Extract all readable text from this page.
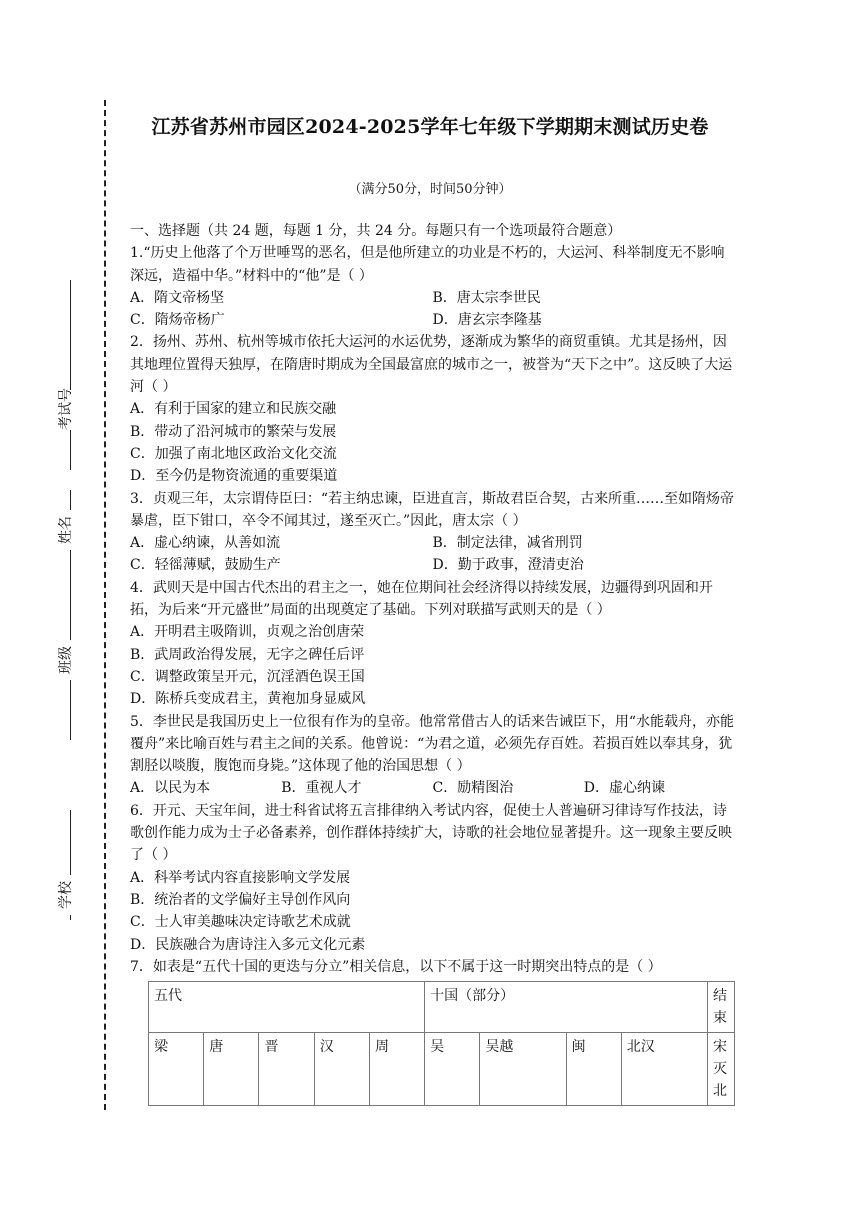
考试号
姓名
班级
学校
江苏省苏州市园区2024-2025学年七年级下学期期末测试历史卷
（满分50分，时间50分钟）
一、选择题（共 24 题，每题 1 分，共 24 分。每题只有一个选项最符合题意）
1.“历史上他落了个万世唾骂的恶名，但是他所建立的功业是不朽的，大运河、科举制度无不影响深远，造福中华。”材料中的“他”是（ ）
A．隋文帝杨坚	B．唐太宗李世民
C．隋炀帝杨广	D．唐玄宗李隆基
2．扬州、苏州、杭州等城市依托大运河的水运优势，逐渐成为繁华的商贸重镇。尤其是扬州，因其地理位置得天独厚，在隋唐时期成为全国最富庶的城市之一，被誉为“天下之中”。这反映了大运河（ ）
A．有利于国家的建立和民族交融
B．带动了沿河城市的繁荣与发展
C．加强了南北地区政治文化交流
D．至今仍是物资流通的重要渠道
3．贞观三年，太宗谓侍臣曰：“若主纳忠谏，臣进直言，斯故君臣合契，古来所重……至如隋炀帝暴虐，臣下钳口，卒令不闻其过，遂至灭亡。”因此，唐太宗（ ）
A．虚心纳谏，从善如流	B．制定法律，减省刑罚
C．轻徭薄赋，鼓励生产	D．勤于政事，澄清吏治
4．武则天是中国古代杰出的君主之一，她在位期间社会经济得以持续发展，边疆得到巩固和开拓，为后来“开元盛世”局面的出现奠定了基础。下列对联描写武则天的是（ ）
A．开明君主吸隋训，贞观之治创唐荣
B．武周政治得发展，无字之碑任后评
C．调整政策呈开元，沉淫酒色误王国
D．陈桥兵变成君主，黄袍加身显威风
5．李世民是我国历史上一位很有作为的皇帝。他常常借古人的话来告诫臣下，用“水能载舟，亦能覆舟”来比喻百姓与君主之间的关系。他曾说：“为君之道，必须先存百姓。若损百姓以奉其身，犹割胫以啖腹，腹饱而身毙。”这体现了他的治国思想（ ）
A．以民为本	B．重视人才	C．励精图治	D．虚心纳谏
6．开元、天宝年间，进士科省试将五言排律纳入考试内容，促使士人普遍研习律诗写作技法，诗歌创作能力成为士子必备素养，创作群体持续扩大，诗歌的社会地位显著提升。这一现象主要反映了（ ）
A．科举考试内容直接影响文学发展
B．统治者的文学偏好主导创作风向
C．士人审美趣味决定诗歌艺术成就
D．民族融合为唐诗注入多元文化元素
7．如表是“五代十国的更迭与分立”相关信息，以下不属于这一时期突出特点的是（ ）
五代					十国（部分）				结束
梁	唐	晋	汉	周	吴	吴越	闽	北汉	宋灭北
